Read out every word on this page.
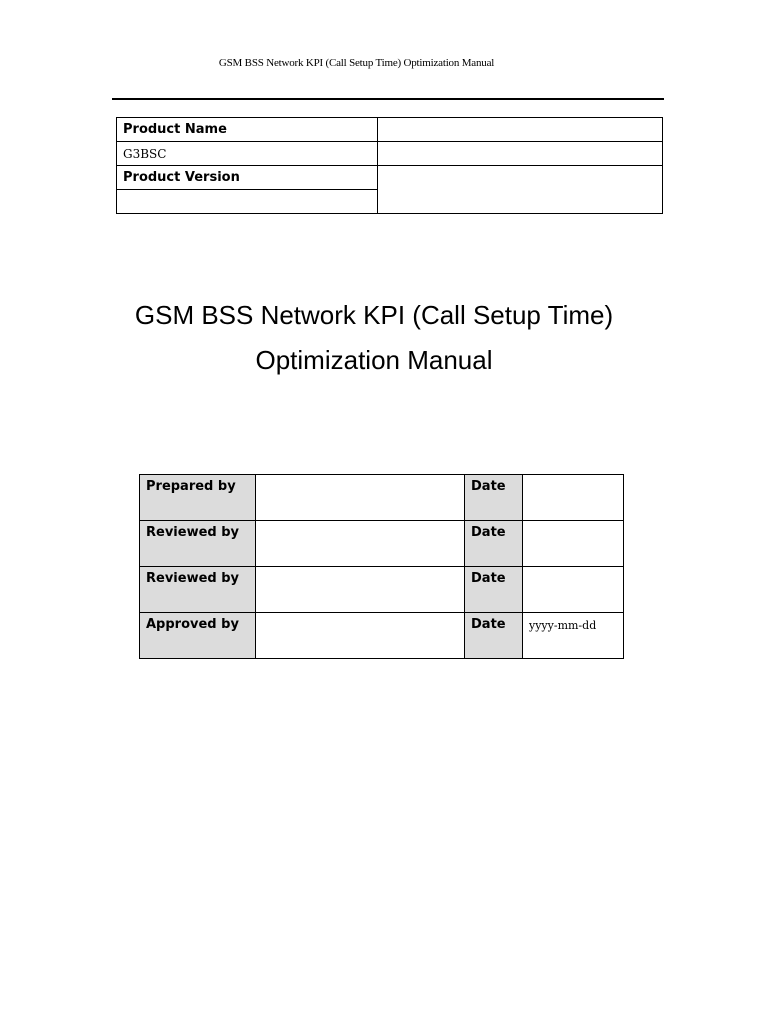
GSM BSS Network KPI (Call Setup Time) Optimization Manual
Product Name	
G3BSC	
Product Version	

GSM BSS Network KPI (Call Setup Time)
Optimization Manual
Prepared by		Date	
Reviewed by		Date	
Reviewed by		Date	
Approved by		Date	yyyy-mm-dd
